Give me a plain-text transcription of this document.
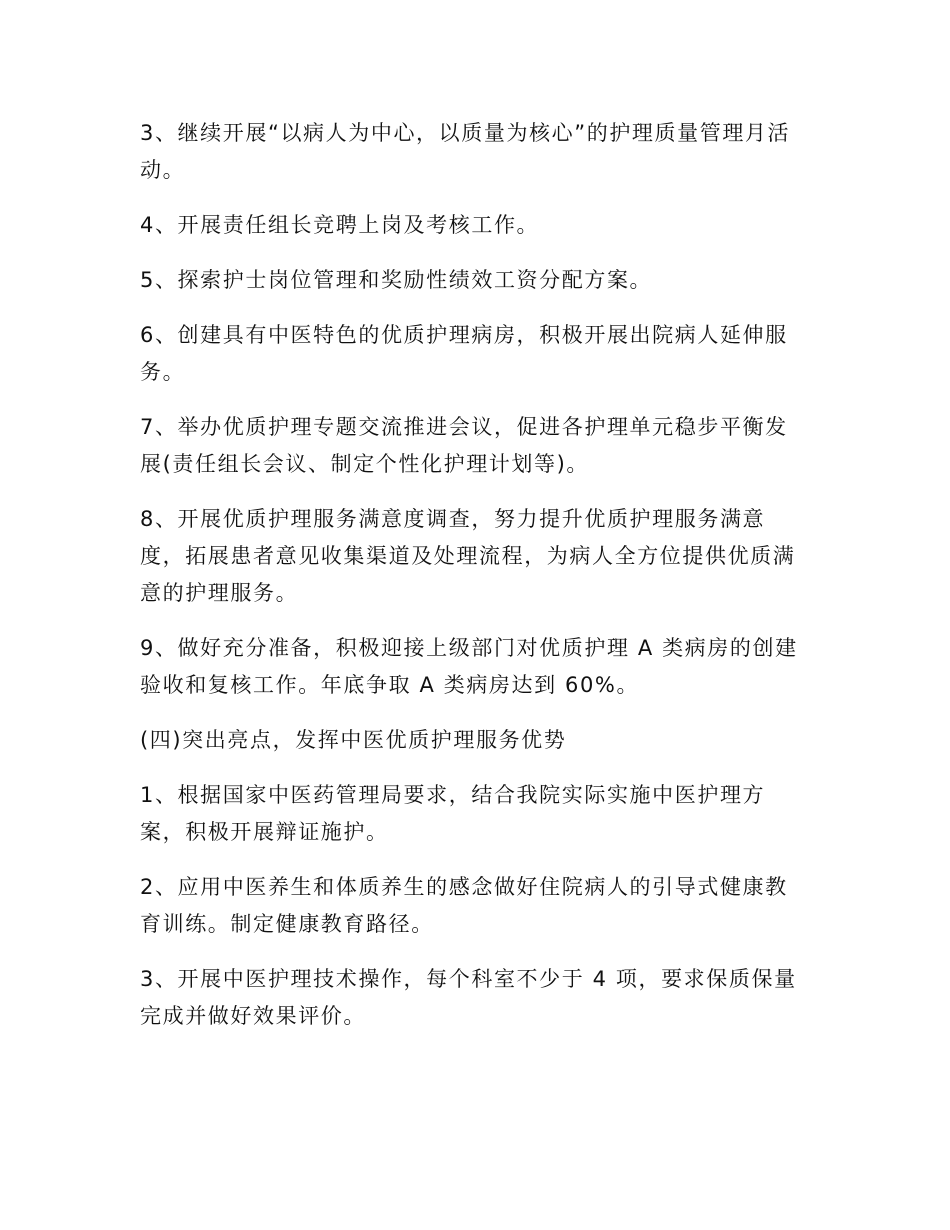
3、继续开展“以病人为中心，以质量为核心”的护理质量管理月活 动。

4、开展责任组长竞聘上岗及考核工作。

5、探索护士岗位管理和奖励性绩效工资分配方案。

6、创建具有中医特色的优质护理病房，积极开展出院病人延伸服务。

7、举办优质护理专题交流推进会议，促进各护理单元稳步平衡发展(责任组长会议、制定个性化护理计划等)。

8、开展优质护理服务满意度调查，努力提升优质护理服务满意度，拓展患者意见收集渠道及处理流程，为病人全方位提供优质满意的护理服务。

9、做好充分准备，积极迎接上级部门对优质护理 A 类病房的创建验收和复核工作。年底争取 A 类病房达到 60%。

(四)突出亮点，发挥中医优质护理服务优势

1、根据国家中医药管理局要求，结合我院实际实施中医护理方案，积极开展辩证施护。

2、应用中医养生和体质养生的感念做好住院病人的引导式健康教育训练。制定健康教育路径。

3、开展中医护理技术操作，每个科室不少于 4 项，要求保质保量完成并做好效果评价。
